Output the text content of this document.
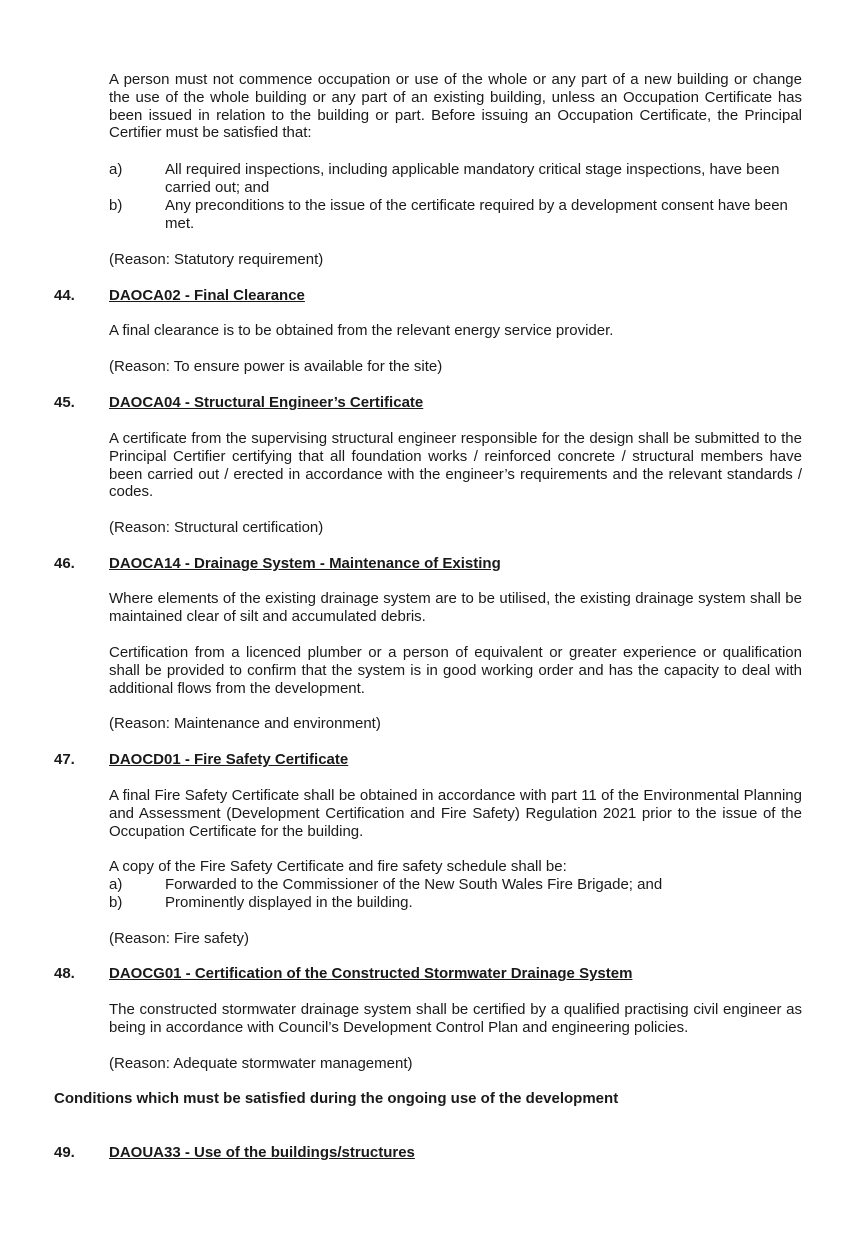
A person must not commence occupation or use of the whole or any part of a new building or change the use of the whole building or any part of an existing building, unless an Occupation Certificate has been issued in relation to the building or part. Before issuing an Occupation Certificate, the Principal Certifier must be satisfied that:
a)	All required inspections, including applicable mandatory critical stage inspections, have been carried out; and
b)	Any preconditions to the issue of the certificate required by a development consent have been met.
(Reason: Statutory requirement)
44. DAOCA02 - Final Clearance
A final clearance is to be obtained from the relevant energy service provider.
(Reason: To ensure power is available for the site)
45. DAOCA04 - Structural Engineer’s Certificate
A certificate from the supervising structural engineer responsible for the design shall be submitted to the Principal Certifier certifying that all foundation works / reinforced concrete / structural members have been carried out / erected in accordance with the engineer’s requirements and the relevant standards / codes.
(Reason: Structural certification)
46. DAOCA14 - Drainage System - Maintenance of Existing
Where elements of the existing drainage system are to be utilised, the existing drainage system shall be maintained clear of silt and accumulated debris.
Certification from a licenced plumber or a person of equivalent or greater experience or qualification shall be provided to confirm that the system is in good working order and has the capacity to deal with additional flows from the development.
(Reason: Maintenance and environment)
47. DAOCD01 - Fire Safety Certificate
A final Fire Safety Certificate shall be obtained in accordance with part 11 of the Environmental Planning and Assessment (Development Certification and Fire Safety) Regulation 2021 prior to the issue of the Occupation Certificate for the building.
A copy of the Fire Safety Certificate and fire safety schedule shall be:
a)	Forwarded to the Commissioner of the New South Wales Fire Brigade; and
b)	Prominently displayed in the building.
(Reason: Fire safety)
48. DAOCG01 - Certification of the Constructed Stormwater Drainage System
The constructed stormwater drainage system shall be certified by a qualified practising civil engineer as being in accordance with Council’s Development Control Plan and engineering policies.
(Reason: Adequate stormwater management)
Conditions which must be satisfied during the ongoing use of the development
49. DAOUA33 - Use of the buildings/structures
